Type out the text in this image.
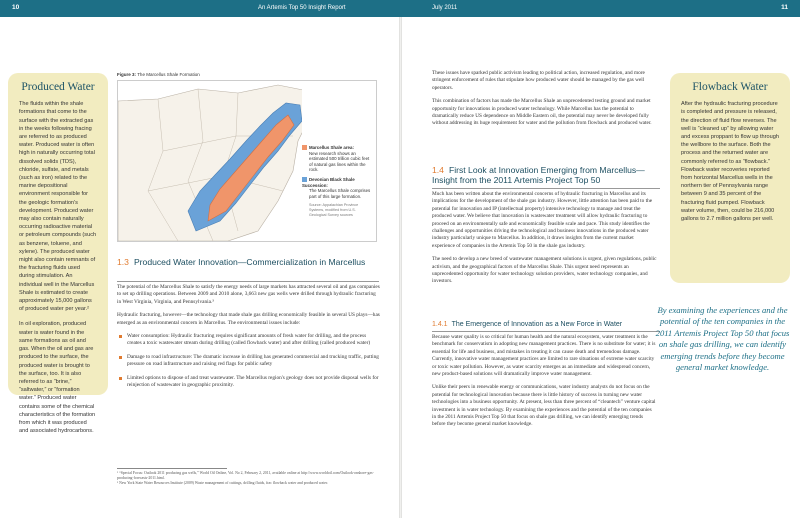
10	An Artemis Top 50 Insight Report	July 2011	11
Produced Water

The fluids within the shale formations that come to the surface with the extracted gas in the weeks following fracing are referred to as produced water. Produced water is often high in naturally occurring total dissolved solids (TDS), chloride, sulfate, and metals (such as iron) related to the marine depositional environment responsible for the geologic formation's development. Produced water may also contain naturally occurring radioactive material or petroleum compounds (such as benzene, toluene, and xylene). The produced water might also contain remnants of the fracturing fluids used during stimulation. An individual well in the Marcellus Shale is estimated to create approximately 15,000 gallons of produced water per year.²

In oil exploration, produced water is water found in the same formations as oil and gas. When the oil and gas are produced to the surface, the produced water is brought to the surface, too. It is also referred to as “brine,” “saltwater,” or “formation water.” Produced water contains some of the chemical characteristics of the formation from which it was produced and associated hydrocarbons.

Figure 3: The Marcellus Shale Formation
Marcellus Shale area:
New research shows an estimated 500 trillion cubic feet of natural gas lines within the rock.
Devonian Black Shale Succession:
The Marcellus Shale comprises part of this large formation.
Source: Appalachian Province Systems, modified from U.S. Geological Survey sources
1.3 Produced Water Innovation—Commercialization in Marcellus

The potential of the Marcellus Shale to satisfy the energy needs of large markets has attracted several oil and gas companies to set up drilling operations. Between 2009 and 2010 alone, 3,663 new gas wells were drilled through hydraulic fracturing in West Virginia, Virginia, and Pennsylvania.³

Hydraulic fracturing, however—the technology that made shale gas drilling economically feasible in several US plays—has emerged as an environmental concern in Marcellus. The environmental issues include:

Water consumption: Hydraulic fracturing requires significant amounts of fresh water for drilling, and the process creates a toxic wastewater stream during drilling (called flowback water) and after drilling (called produced water)
Damage to road infrastructure: The dramatic increase in drilling has generated commercial and trucking traffic, putting pressure on road infrastructure and raising red flags for public safety
Limited options to dispose of and treat wastewater. The Marcellus region's geology does not provide disposal wells for reinjection of wastewater in geographic proximity.
² “Special Focus: Outlook 2011 producing gas wells,” World Oil Online, Vol. No 2, February 2, 2011, available online at http://www.worldoil.com/Outlook-onshore-gas-producing-forecasts-2011.html.
³ New York State Water Resources Institute (2009) Waste management of cuttings, drilling fluids, frac flowback water and produced water.

These issues have sparked public activism leading to political action, increased regulation, and more stringent enforcement of rules that stipulate how produced water should be managed by the gas well operators.

This combination of factors has made the Marcellus Shale an unprecedented testing ground and market opportunity for innovations in produced water technology. While Marcellus has the potential to dramatically reduce US dependence on Middle Eastern oil, the potential may never be developed fully without addressing its huge requirement for water and the pollution from flowback and produced water.

1.4 First Look at Innovation Emerging from Marcellus—Insight from the 2011 Artemis Project Top 50

Much has been written about the environmental concerns of hydraulic fracturing in Marcellus and its implications for the development of the shale gas industry. However, little attention has been paid to the potential for innovation and IP (intellectual property) intensive technology to manage and treat the produced water. We believe that innovation in wastewater treatment will allow hydraulic fracturing to proceed on an environmentally safe and economically feasible scale and pace. This study identifies the challenges and opportunities driving the technological and business innovations in the produced water industry particularly unique to Marcellus. In addition, it draws insights from the current market experience of companies in the Artemis Top 50 in the shale gas industry.

The need to develop a new breed of wastewater management solutions is urgent, given regulations, public activism, and the geographical factors of the Marcellus Shale. This urgent need represents an unprecedented opportunity for water technology solution providers, water technology companies, and investors.

1.4.1 The Emergence of Innovation as a New Force in Water

Because water quality is so critical for human health and the natural ecosystem, water treatment is the benchmark for conservatism in adopting new management practices. There is no substitute for water; it is essential for life and business, and mistakes in treating it can cause death and tremendous damage. Currently, innovative water management practices are limited to rare situations of extreme water scarcity or toxic water pollution. However, as water scarcity emerges as an immediate and widespread concern, new product-based solutions will dramatically improve water management.

Unlike their peers in renewable energy or communications, water industry analysts do not focus on the potential for technological innovation because there is little history of success in turning new water technologies into a business opportunity. At present, less than three percent of “cleantech” venture capital investment is in water technology. By examining the experiences and the potential of the ten companies in the 2011 Artemis Project Top 50 that focus on shale gas drilling, we can identify emerging trends before they become general market knowledge.

Flowback Water

After the hydraulic fracturing procedure is completed and pressure is released, the direction of fluid flow reverses. The well is “cleaned up” by allowing water and excess proppant to flow up through the wellbore to the surface. Both the process and the returned water are commonly referred to as “flowback.” Flowback water recoveries reported from horizontal Marcellus wells in the northern tier of Pennsylvania range between 9 and 35 percent of the fracturing fluid pumped. Flowback water volume, then, could be 216,000 gallons to 2.7 million gallons per well.

By examining the experiences and the potential of the ten companies in the 2011 Artemis Project Top 50 that focus on shale gas drilling, we can identify emerging trends before they become general market knowledge.
